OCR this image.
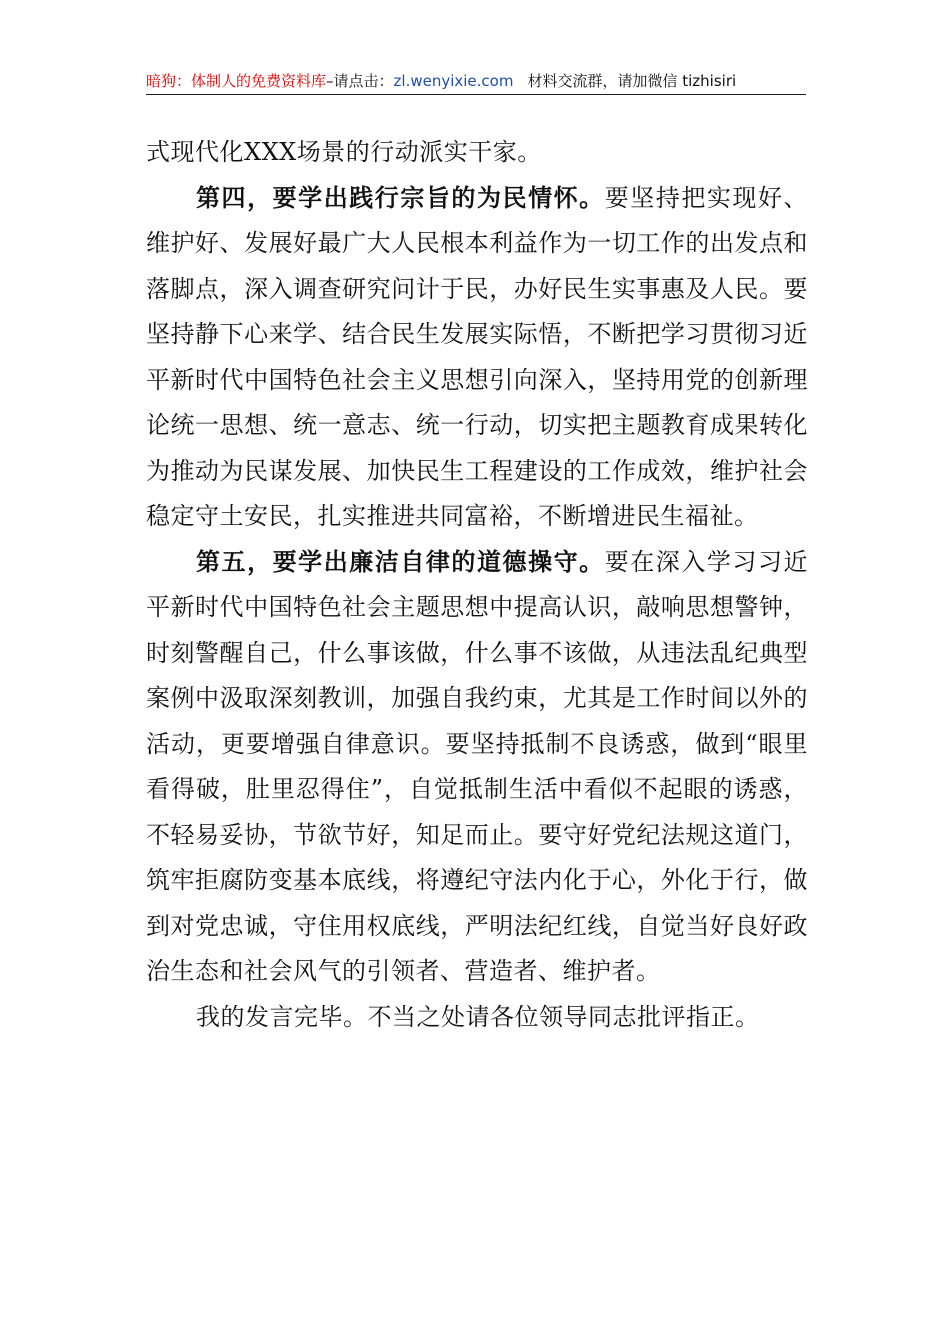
暗狗：体制人的免费资料库–请点击：zl.wenyixie.com 材料交流群，请加微信 tizhisiri

式现代化XXX场景的行动派实干家。

第四，要学出践行宗旨的为民情怀。要坚持把实现好、维护好、发展好最广大人民根本利益作为一切工作的出发点和落脚点，深入调查研究问计于民，办好民生实事惠及人民。要坚持静下心来学、结合民生发展实际悟，不断把学习贯彻习近平新时代中国特色社会主义思想引向深入，坚持用党的创新理论统一思想、统一意志、统一行动，切实把主题教育成果转化为推动为民谋发展、加快民生工程建设的工作成效，维护社会稳定守土安民，扎实推进共同富裕，不断增进民生福祉。

第五，要学出廉洁自律的道德操守。要在深入学习习近平新时代中国特色社会主题思想中提高认识，敲响思想警钟，时刻警醒自己，什么事该做，什么事不该做，从违法乱纪典型案例中汲取深刻教训，加强自我约束，尤其是工作时间以外的活动，更要增强自律意识。要坚持抵制不良诱惑，做到“眼里看得破，肚里忍得住”，自觉抵制生活中看似不起眼的诱惑，不轻易妥协，节欲节好，知足而止。要守好党纪法规这道门，筑牢拒腐防变基本底线，将遵纪守法内化于心，外化于行，做到对党忠诚，守住用权底线，严明法纪红线，自觉当好良好政治生态和社会风气的引领者、营造者、维护者。

我的发言完毕。不当之处请各位领导同志批评指正。
